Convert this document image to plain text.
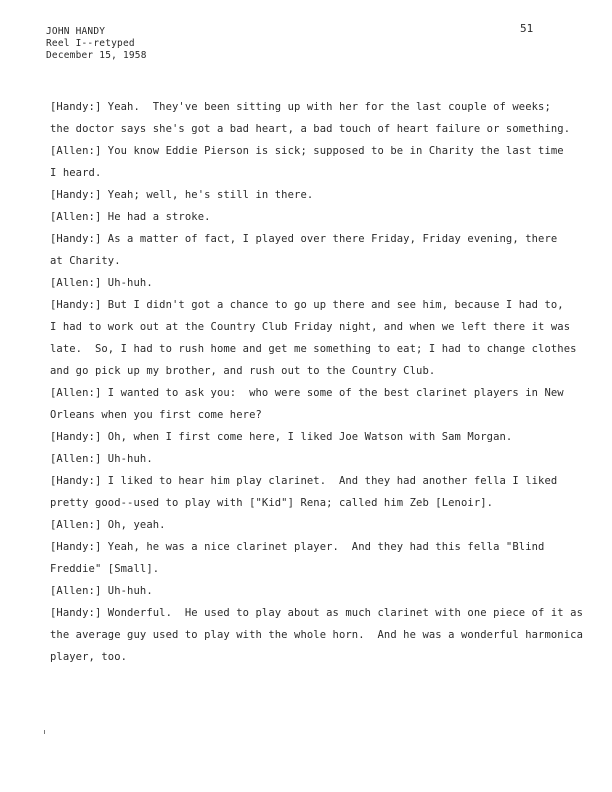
JOHN HANDY
Reel I--retyped
December 15, 1958
51
[Handy:] Yeah.  They've been sitting up with her for the last couple of weeks;
the doctor says she's got a bad heart, a bad touch of heart failure or something.
[Allen:] You know Eddie Pierson is sick; supposed to be in Charity the last time
I heard.
[Handy:] Yeah; well, he's still in there.
[Allen:] He had a stroke.
[Handy:] As a matter of fact, I played over there Friday, Friday evening, there
at Charity.
[Allen:] Uh-huh.
[Handy:] But I didn't got a chance to go up there and see him, because I had to,
I had to work out at the Country Club Friday night, and when we left there it was
late.  So, I had to rush home and get me something to eat; I had to change clothes
and go pick up my brother, and rush out to the Country Club.
[Allen:] I wanted to ask you:  who were some of the best clarinet players in New
Orleans when you first come here?
[Handy:] Oh, when I first come here, I liked Joe Watson with Sam Morgan.
[Allen:] Uh-huh.
[Handy:] I liked to hear him play clarinet.  And they had another fella I liked
pretty good--used to play with ["Kid"] Rena; called him Zeb [Lenoir].
[Allen:] Oh, yeah.
[Handy:] Yeah, he was a nice clarinet player.  And they had this fella "Blind
Freddie" [Small].
[Allen:] Uh-huh.
[Handy:] Wonderful.  He used to play about as much clarinet with one piece of it as
the average guy used to play with the whole horn.  And he was a wonderful harmonica
player, too.
